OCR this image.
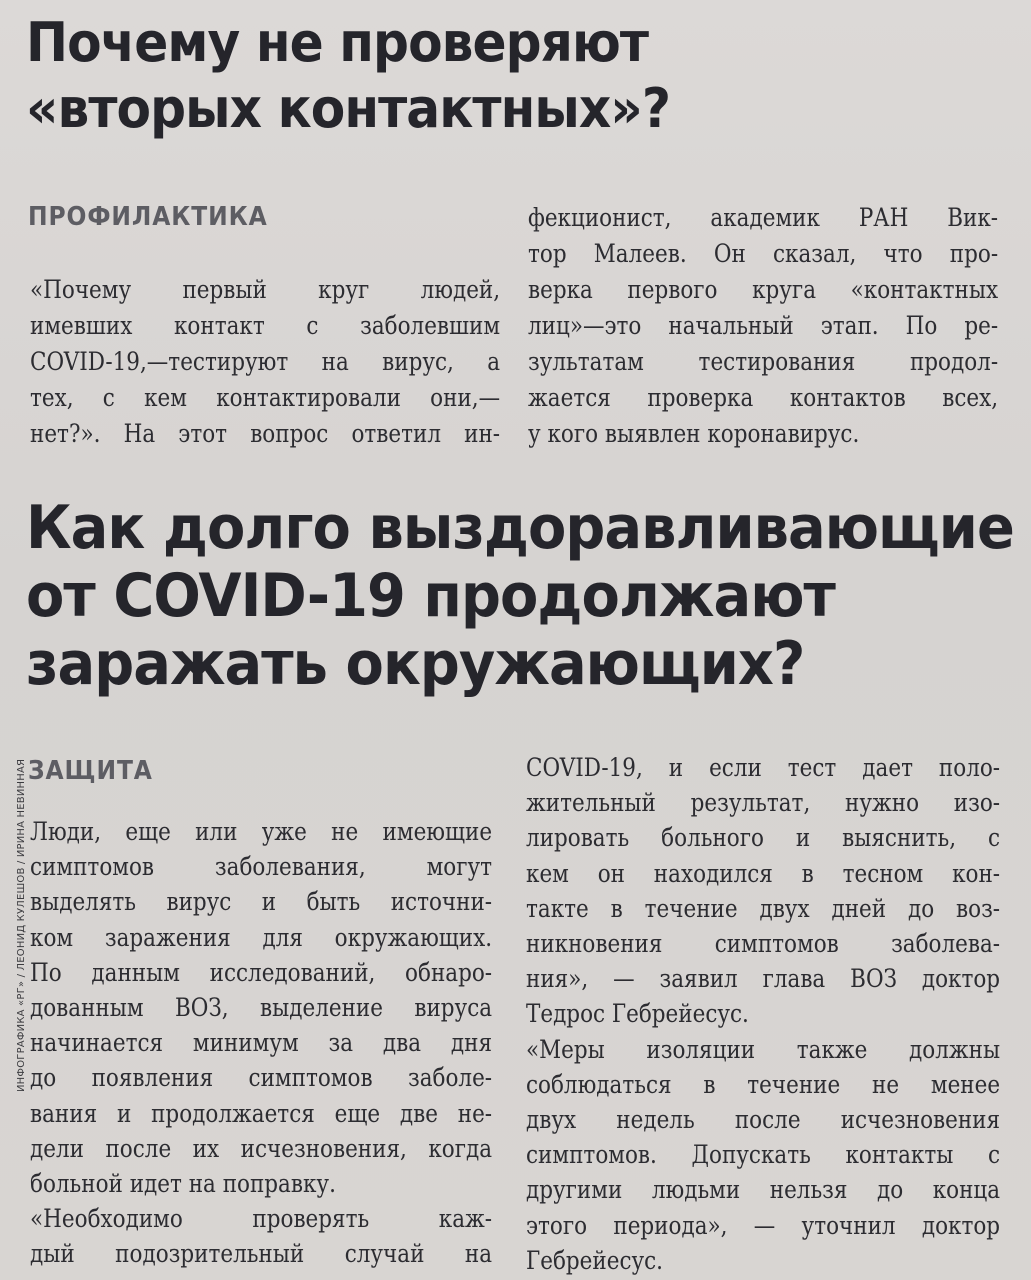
Почему не проверяют
«вторых контактных»?
ПРОФИЛАКТИКА
«Почему первый круг людей,
имевших контакт с заболевшим
COVID-19,—тестируют на вирус, а
тех, с кем контактировали они,—
нет?». На этот вопрос ответил ин-
фекционист, академик РАН Вик-
тор Малеев. Он сказал, что про-
верка первого круга «контактных
лиц»—это начальный этап. По ре-
зультатам тестирования продол-
жается проверка контактов всех,
у кого выявлен коронавирус.
Как долго выздоравливающие
от COVID-19 продолжают
заражать окружающих?
ЗАЩИТА
Люди, еще или уже не имеющие
симптомов заболевания, могут
выделять вирус и быть источни-
ком заражения для окружающих.
По данным исследований, обнаро-
дованным ВОЗ, выделение вируса
начинается минимум за два дня
до появления симптомов заболе-
вания и продолжается еще две не-
дели после их исчезновения, когда
больной идет на поправку.
«Необходимо проверять каж-
дый подозрительный случай на
COVID-19, и если тест дает поло-
жительный результат, нужно изо-
лировать больного и выяснить, с
кем он находился в тесном кон-
такте в течение двух дней до воз-
никновения симптомов заболева-
ния», — заявил глава ВОЗ доктор
Тедрос Гебрейесус.
«Меры изоляции также должны
соблюдаться в течение не менее
двух недель после исчезновения
симптомов. Допускать контакты с
другими людьми нельзя до конца
этого периода», — уточнил доктор
Гебрейесус.
ИНФОГРАФИКА «РГ» / ЛЕОНИД КУЛЕШОВ / ИРИНА НЕВИННАЯ
